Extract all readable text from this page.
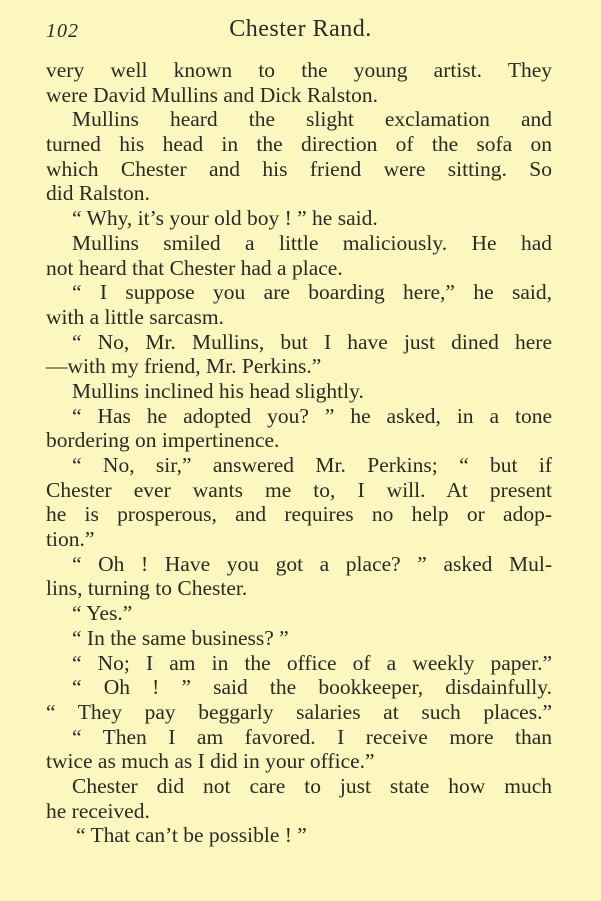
102	Chester Rand.
very well known to the young artist. They
were David Mullins and Dick Ralston.
Mullins heard the slight exclamation and
turned his head in the direction of the sofa on
which Chester and his friend were sitting. So
did Ralston.
“ Why, it’s your old boy ! ” he said.
Mullins smiled a little maliciously. He had
not heard that Chester had a place.
“ I suppose you are boarding here,” he said,
with a little sarcasm.
“ No, Mr. Mullins, but I have just dined here
—with my friend, Mr. Perkins.”
Mullins inclined his head slightly.
“ Has he adopted you? ” he asked, in a tone
bordering on impertinence.
“ No, sir,” answered Mr. Perkins; “ but if
Chester ever wants me to, I will. At present
he is prosperous, and requires no help or adop-
tion.”
“ Oh ! Have you got a place? ” asked Mul-
lins, turning to Chester.
“ Yes.”
“ In the same business? ”
“ No; I am in the office of a weekly paper.”
“ Oh ! ” said the bookkeeper, disdainfully.
“ They pay beggarly salaries at such places.”
“ Then I am favored. I receive more than
twice as much as I did in your office.”
Chester did not care to just state how much
he received.
“ That can’t be possible ! ”
